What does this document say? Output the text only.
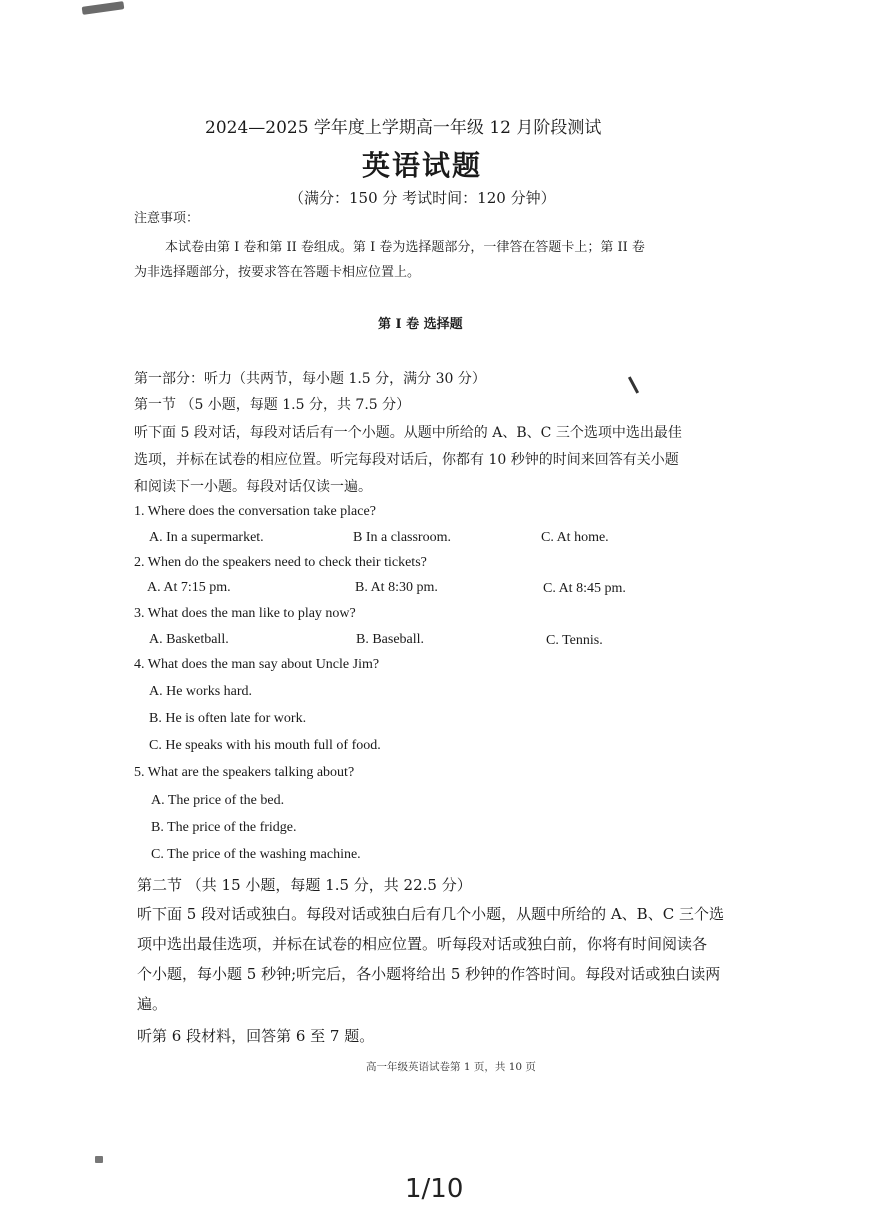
2024—2025 学年度上学期高一年级 12 月阶段测试
英语试题
（满分：150 分 考试时间：120 分钟）
注意事项：
本试卷由第 I 卷和第 II 卷组成。第 I 卷为选择题部分，一律答在答题卡上；第 II 卷
为非选择题部分，按要求答在答题卡相应位置上。
第 I 卷 选择题
第一部分：听力（共两节，每小题 1.5 分，满分 30 分）
第一节 （5 小题，每题 1.5 分，共 7.5 分）
听下面 5 段对话，每段对话后有一个小题。从题中所给的 A、B、C 三个选项中选出最佳
选项，并标在试卷的相应位置。听完每段对话后，你都有 10 秒钟的时间来回答有关小题
和阅读下一小题。每段对话仅读一遍。
1. Where does the conversation take place?
A. In a supermarket.	B In a classroom.	C. At home.
2. When do the speakers need to check their tickets?
A. At 7:15 pm.	B. At 8:30 pm.	C. At 8:45 pm.
3. What does the man like to play now?
A. Basketball.	B. Baseball.	C. Tennis.
4. What does the man say about Uncle Jim?
A. He works hard.
B. He is often late for work.
C. He speaks with his mouth full of food.
5. What are the speakers talking about?
A. The price of the bed.
B. The price of the fridge.
C. The price of the washing machine.
第二节 （共 15 小题，每题 1.5 分，共 22.5 分）
听下面 5 段对话或独白。每段对话或独白后有几个小题，从题中所给的 A、B、C 三个选
项中选出最佳选项，并标在试卷的相应位置。听每段对话或独白前，你将有时间阅读各
个小题，每小题 5 秒钟;听完后，各小题将给出 5 秒钟的作答时间。每段对话或独白读两
遍。
听第 6 段材料，回答第 6 至 7 题。
高一年级英语试卷第 1 页，共 10 页
1/10
